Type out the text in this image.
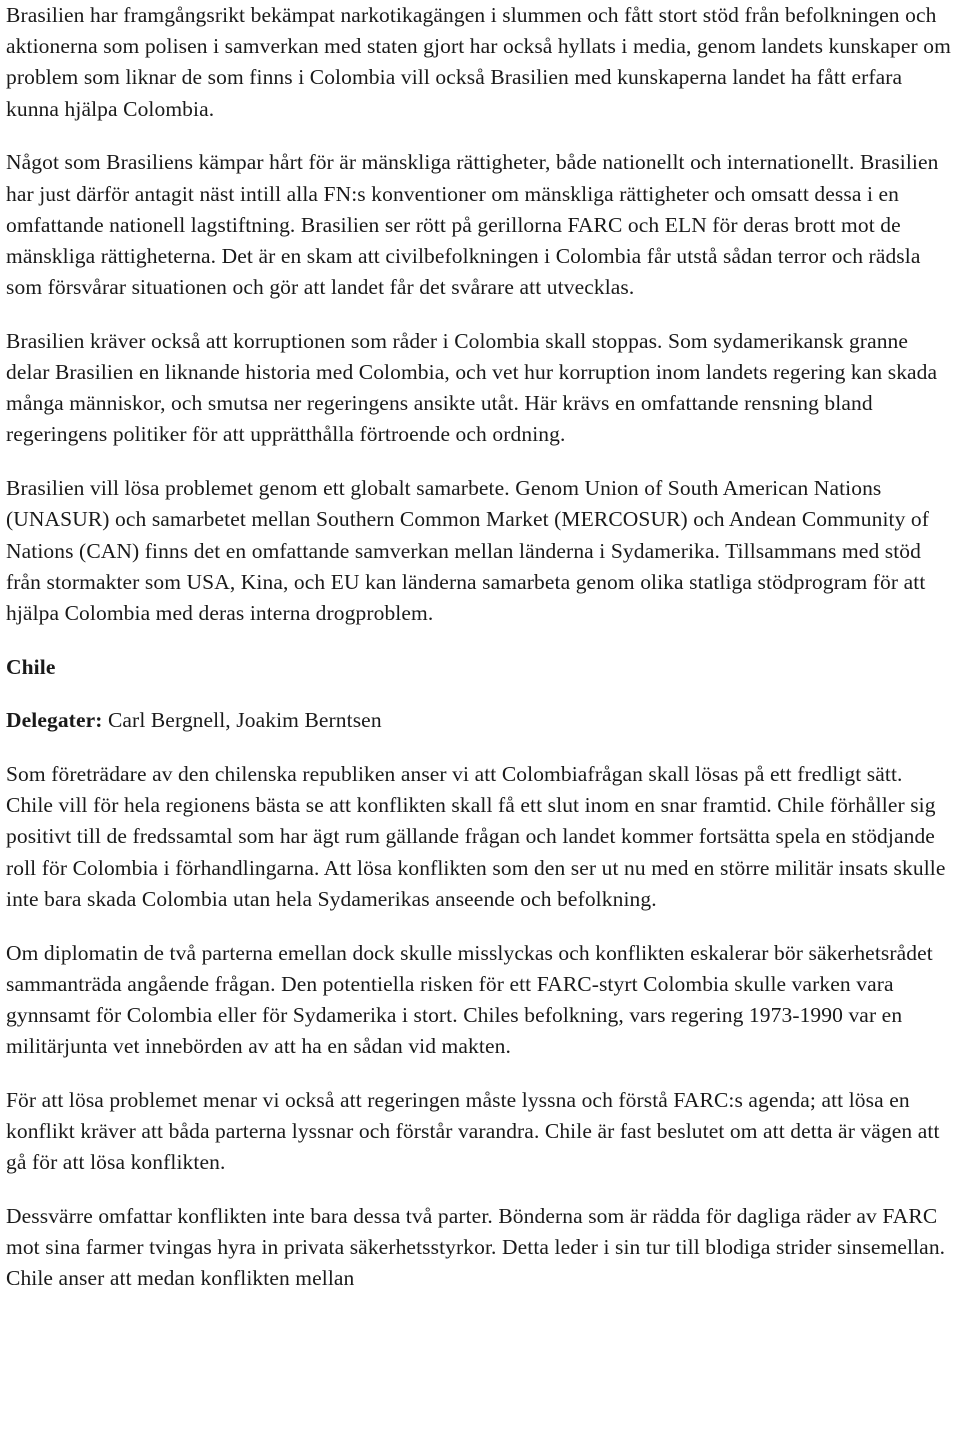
Brasilien har framgångsrikt bekämpat narkotikagängen i slummen och fått stort stöd från befolkningen och aktionerna som polisen i samverkan med staten gjort har också hyllats i media, genom landets kunskaper om problem som liknar de som finns i Colombia vill också Brasilien med kunskaperna landet ha fått erfara kunna hjälpa Colombia.

Något som Brasiliens kämpar hårt för är mänskliga rättigheter, både nationellt och internationellt. Brasilien har just därför antagit näst intill alla FN:s konventioner om mänskliga rättigheter och omsatt dessa i en omfattande nationell lagstiftning. Brasilien ser rött på gerillorna FARC och ELN för deras brott mot de mänskliga rättigheterna. Det är en skam att civilbefolkningen i Colombia får utstå sådan terror och rädsla som försvårar situationen och gör att landet får det svårare att utvecklas.

Brasilien kräver också att korruptionen som råder i Colombia skall stoppas. Som sydamerikansk granne delar Brasilien en liknande historia med Colombia, och vet hur korruption inom landets regering kan skada många människor, och smutsa ner regeringens ansikte utåt. Här krävs en omfattande rensning bland regeringens politiker för att upprätthålla förtroende och ordning.

Brasilien vill lösa problemet genom ett globalt samarbete. Genom Union of South American Nations (UNASUR) och samarbetet mellan Southern Common Market (MERCOSUR) och Andean Community of Nations (CAN) finns det en omfattande samverkan mellan länderna i Sydamerika. Tillsammans med stöd från stormakter som USA, Kina, och EU kan länderna samarbeta genom olika statliga stödprogram för att hjälpa Colombia med deras interna drogproblem.

Chile

Delegater: Carl Bergnell, Joakim Berntsen

Som företrädare av den chilenska republiken anser vi att Colombiafrågan skall lösas på ett fredligt sätt. Chile vill för hela regionens bästa se att konflikten skall få ett slut inom en snar framtid. Chile förhåller sig positivt till de fredssamtal som har ägt rum gällande frågan och landet kommer fortsätta spela en stödjande roll för Colombia i förhandlingarna. Att lösa konflikten som den ser ut nu med en större militär insats skulle inte bara skada Colombia utan hela Sydamerikas anseende och befolkning.

Om diplomatin de två parterna emellan dock skulle misslyckas och konflikten eskalerar bör säkerhetsrådet sammanträda angående frågan. Den potentiella risken för ett FARC-styrt Colombia skulle varken vara gynnsamt för Colombia eller för Sydamerika i stort. Chiles befolkning, vars regering 1973-1990 var en militärjunta vet innebörden av att ha en sådan vid makten.

För att lösa problemet menar vi också att regeringen måste lyssna och förstå FARC:s agenda; att lösa en konflikt kräver att båda parterna lyssnar och förstår varandra. Chile är fast beslutet om att detta är vägen att gå för att lösa konflikten.

Dessvärre omfattar konflikten inte bara dessa två parter. Bönderna som är rädda för dagliga räder av FARC mot sina farmer tvingas hyra in privata säkerhetsstyrkor. Detta leder i sin tur till blodiga strider sinsemellan. Chile anser att medan konflikten mellan
